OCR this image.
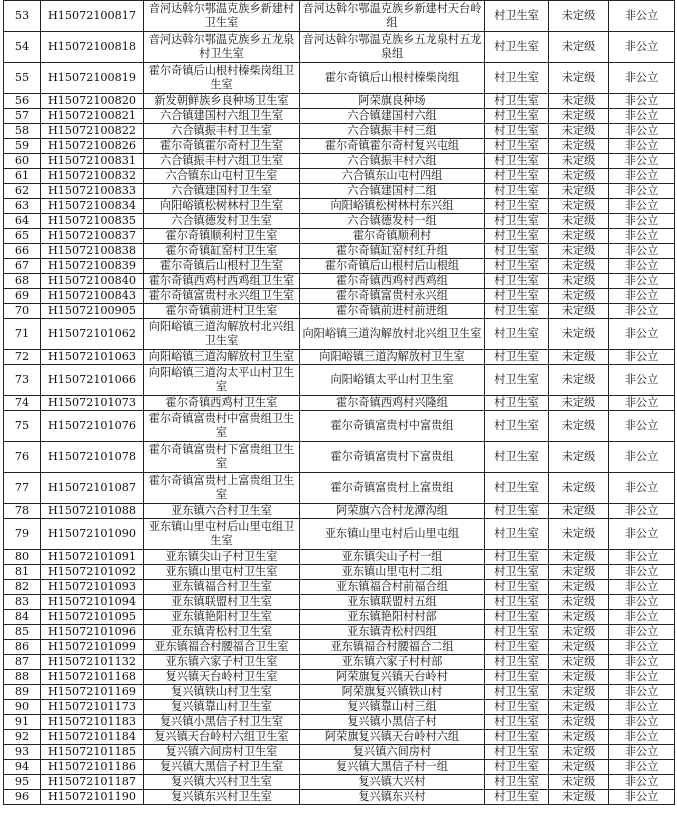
53	H15072100817	音河达斡尔鄂温克族乡新建村卫生室	音河达斡尔鄂温克族乡新建村天台岭组	村卫生室	未定级	非公立
54	H15072100818	音河达斡尔鄂温克族乡五龙泉村卫生室	音河达斡尔鄂温克族乡五龙泉村五龙泉组	村卫生室	未定级	非公立
55	H15072100819	霍尔奇镇后山根村榛柴岗组卫生室	霍尔奇镇后山根村榛柴岗组	村卫生室	未定级	非公立
56	H15072100820	新发朝鲜族乡良种场卫生室	阿荣旗良种场	村卫生室	未定级	非公立
57	H15072100821	六合镇建国村六组卫生室	六合镇建国村六组	村卫生室	未定级	非公立
58	H15072100822	六合镇振丰村卫生室	六合镇振丰村三组	村卫生室	未定级	非公立
59	H15072100826	霍尔奇镇霍尔奇村卫生室	霍尔奇镇霍尔奇村复兴屯组	村卫生室	未定级	非公立
60	H15072100831	六合镇振丰村六组卫生室	六合镇振丰村六组	村卫生室	未定级	非公立
61	H15072100832	六合镇东山屯村卫生室	六合镇东山屯村四组	村卫生室	未定级	非公立
62	H15072100833	六合镇建国村卫生室	六合镇建国村二组	村卫生室	未定级	非公立
63	H15072100834	向阳峪镇松树林村卫生室	向阳峪镇松树林村东兴组	村卫生室	未定级	非公立
64	H15072100835	六合镇德发村卫生室	六合镇德发村一组	村卫生室	未定级	非公立
65	H15072100837	霍尔奇镇顺利村卫生室	霍尔奇镇顺利村	村卫生室	未定级	非公立
66	H15072100838	霍尔奇镇缸窑村卫生室	霍尔奇镇缸窑村红升组	村卫生室	未定级	非公立
67	H15072100839	霍尔奇镇后山根村卫生室	霍尔奇镇后山根村后山根组	村卫生室	未定级	非公立
68	H15072100840	霍尔奇镇西鸡村西鸡组卫生室	霍尔奇镇西鸡村西鸡组	村卫生室	未定级	非公立
69	H15072100843	霍尔奇镇富贵村永兴组卫生室	霍尔奇镇富贵村永兴组	村卫生室	未定级	非公立
70	H15072100905	霍尔奇镇前进村卫生室	霍尔奇镇前进村前进组	村卫生室	未定级	非公立
71	H15072101062	向阳峪镇三道沟解放村北兴组卫生室	向阳峪镇三道沟解放村北兴组卫生室	村卫生室	未定级	非公立
72	H15072101063	向阳峪镇三道沟解放村卫生室	向阳峪镇三道沟解放村卫生室	村卫生室	未定级	非公立
73	H15072101066	向阳峪镇三道沟太平山村卫生室	向阳峪镇太平山村卫生室	村卫生室	未定级	非公立
74	H15072101073	霍尔奇镇西鸡村卫生室	霍尔奇镇西鸡村兴隆组	村卫生室	未定级	非公立
75	H15072101076	霍尔奇镇富贵村中富贵组卫生室	霍尔奇镇富贵村中富贵组	村卫生室	未定级	非公立
76	H15072101078	霍尔奇镇富贵村下富贵组卫生室	霍尔奇镇富贵村下富贵组	村卫生室	未定级	非公立
77	H15072101087	霍尔奇镇富贵村上富贵组卫生室	霍尔奇镇富贵村上富贵组	村卫生室	未定级	非公立
78	H15072101088	亚东镇六合村卫生室	阿荣旗六合村龙潭沟组	村卫生室	未定级	非公立
79	H15072101090	亚东镇山里屯村后山里屯组卫生室	亚东镇山里屯村后山里屯组	村卫生室	未定级	非公立
80	H15072101091	亚东镇尖山子村卫生室	亚东镇尖山子村一组	村卫生室	未定级	非公立
81	H15072101092	亚东镇山里屯村卫生室	亚东镇山里屯村二组	村卫生室	未定级	非公立
82	H15072101093	亚东镇福合村卫生室	亚东镇福合村前福合组	村卫生室	未定级	非公立
83	H15072101094	亚东镇联盟村卫生室	亚东镇联盟村五组	村卫生室	未定级	非公立
84	H15072101095	亚东镇艳阳村卫生室	亚东镇艳阳村村部	村卫生室	未定级	非公立
85	H15072101096	亚东镇青松村卫生室	亚东镇青松村四组	村卫生室	未定级	非公立
86	H15072101099	亚东镇福合村腰福合卫生室	亚东镇福合村腰福合二组	村卫生室	未定级	非公立
87	H15072101132	亚东镇六家子村卫生室	亚东镇六家子村村部	村卫生室	未定级	非公立
88	H15072101168	复兴镇天台岭村卫生室	阿荣旗复兴镇天台岭村	村卫生室	未定级	非公立
89	H15072101169	复兴镇铁山村卫生室	阿荣旗复兴镇铁山村	村卫生室	未定级	非公立
90	H15072101173	复兴镇靠山村卫生室	复兴镇靠山村三组	村卫生室	未定级	非公立
91	H15072101183	复兴镇小黑信子村卫生室	复兴镇小黑信子村	村卫生室	未定级	非公立
92	H15072101184	复兴镇天台岭村六组卫生室	阿荣旗复兴镇天台岭村六组	村卫生室	未定级	非公立
93	H15072101185	复兴镇六间房村卫生室	复兴镇六间房村	村卫生室	未定级	非公立
94	H15072101186	复兴镇大黑信子村卫生室	复兴镇大黑信子村一组	村卫生室	未定级	非公立
95	H15072101187	复兴镇大兴村卫生室	复兴镇大兴村	村卫生室	未定级	非公立
96	H15072101190	复兴镇东兴村卫生室	复兴镇东兴村	村卫生室	未定级	非公立
